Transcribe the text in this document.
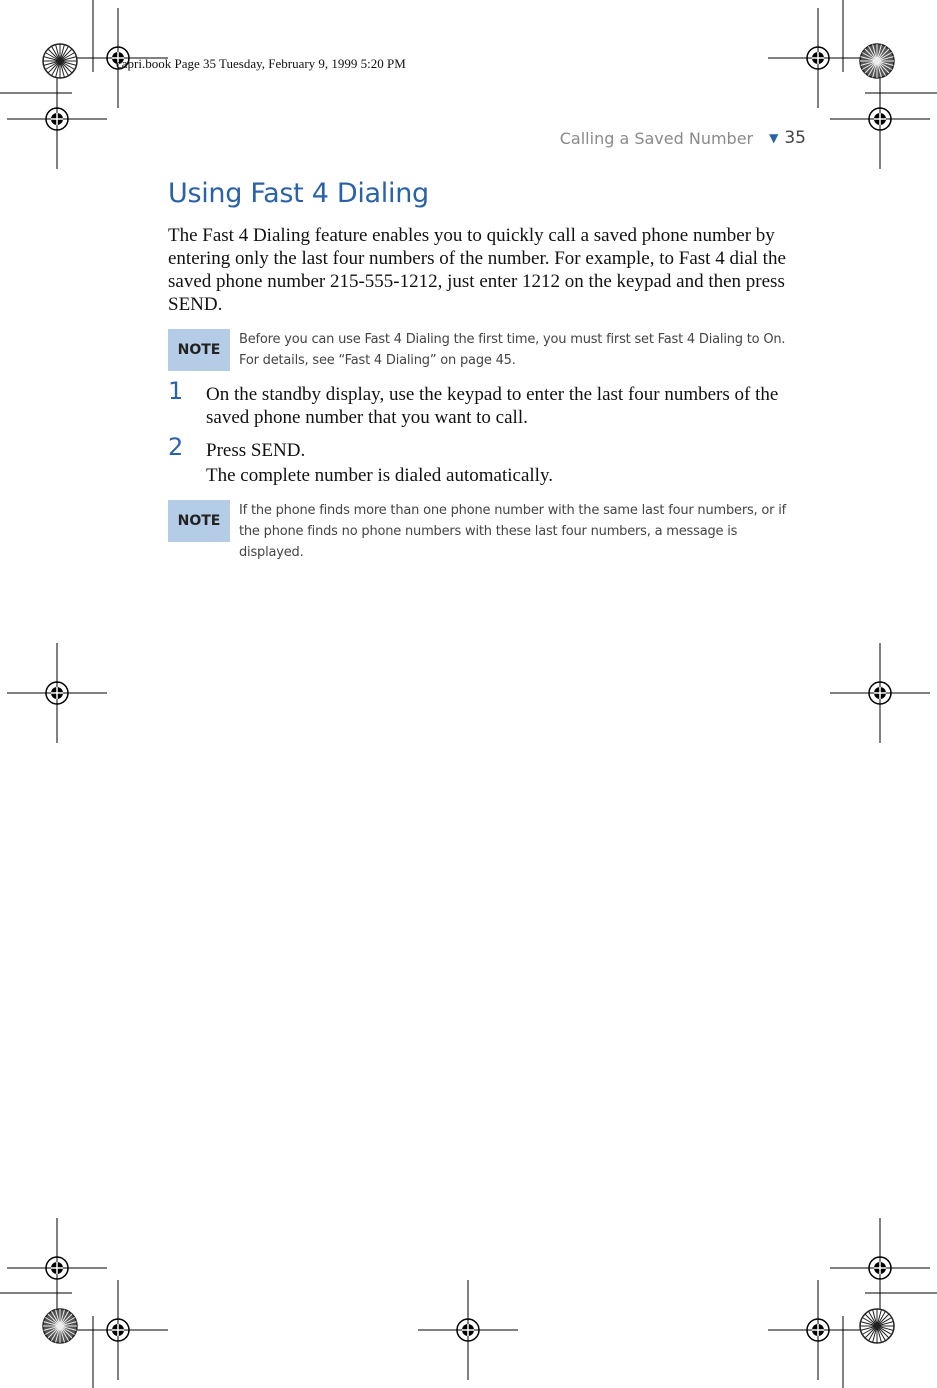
capri.book Page 35 Tuesday, February 9, 1999 5:20 PM
Calling a Saved Number ▼ 35
Using Fast 4 Dialing
The Fast 4 Dialing feature enables you to quickly call a saved phone number by entering only the last four numbers of the number. For example, to Fast 4 dial the saved phone number 215-555-1212, just enter 1212 on the keypad and then press SEND.
NOTE
Before you can use Fast 4 Dialing the first time, you must first set Fast 4 Dialing to On. For details, see “Fast 4 Dialing” on page 45.
1 On the standby display, use the keypad to enter the last four numbers of the saved phone number that you want to call.
2 Press SEND.
The complete number is dialed automatically.
NOTE
If the phone finds more than one phone number with the same last four numbers, or if the phone finds no phone numbers with these last four numbers, a message is displayed.
